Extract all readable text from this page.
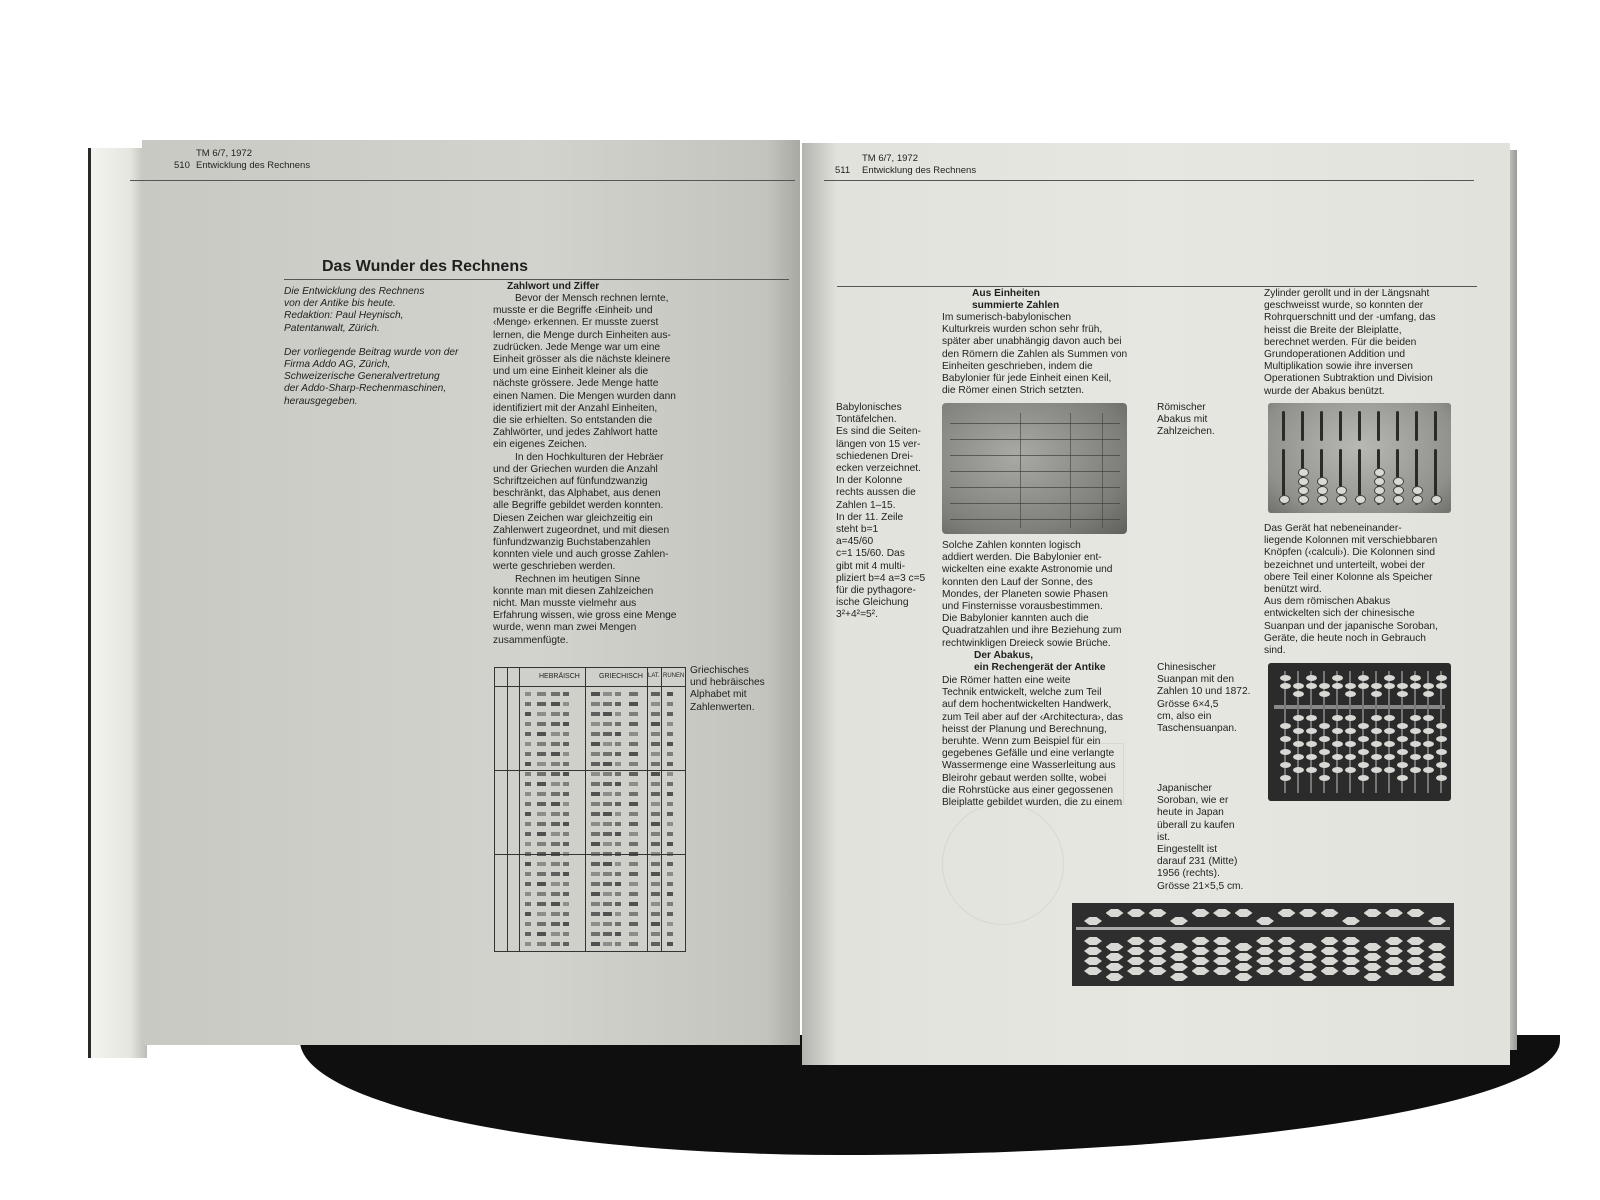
TM 6/7, 1972
510 Entwicklung des Rechnens
Das Wunder des Rechnens
Die Entwicklung des Rechnens
von der Antike bis heute.
Redaktion: Paul Heynisch,
Patentanwalt, Zürich.
Der vorliegende Beitrag wurde von der
Firma Addo AG, Zürich,
Schweizerische Generalvertretung
der Addo-Sharp-Rechenmaschinen,
herausgegeben.
Zahlwort und Ziffer
Bevor der Mensch rechnen lernte,
musste er die Begriffe ‹Einheit› und
‹Menge› erkennen. Er musste zuerst
lernen, die Menge durch Einheiten aus-
zudrücken. Jede Menge war um eine
Einheit grösser als die nächste kleinere
und um eine Einheit kleiner als die
nächste grössere. Jede Menge hatte
einen Namen. Die Mengen wurden dann
identifiziert mit der Anzahl Einheiten,
die sie erhielten. So entstanden die
Zahlwörter, und jedes Zahlwort hatte
ein eigenes Zeichen.
In den Hochkulturen der Hebräer
und der Griechen wurden die Anzahl
Schriftzeichen auf fünfundzwanzig
beschränkt, das Alphabet, aus denen
alle Begriffe gebildet werden konnten.
Diesen Zeichen war gleichzeitig ein
Zahlenwert zugeordnet, und mit diesen
fünfundzwanzig Buchstabenzahlen
konnten viele und auch grosse Zahlen-
werte geschrieben werden.
Rechnen im heutigen Sinne
konnte man mit diesen Zahlzeichen
nicht. Man musste vielmehr aus
Erfahrung wissen, wie gross eine Menge
wurde, wenn man zwei Mengen
zusammenfügte.
HEBRÄISCH	GRIECHISCH LAT. RUNEN Griechisches
und hebräisches
Alphabet mit
Zahlenwerten.
TM 6/7, 1972
511 Entwicklung des Rechnens
Aus Einheiten
summierte Zahlen
Im sumerisch-babylonischen
Kulturkreis wurden schon sehr früh,
später aber unabhängig davon auch bei
den Römern die Zahlen als Summen von
Einheiten geschrieben, indem die
Babylonier für jede Einheit einen Keil,
die Römer einen Strich setzten.
Babylonisches
Tontäfelchen.
Es sind die Seiten-
längen von 15 ver-
schiedenen Drei-
ecken verzeichnet.
In der Kolonne
rechts aussen die
Zahlen 1–15.
In der 11. Zeile
steht b=1
a=45/60
c=1 15/60. Das
gibt mit 4 multi-
pliziert b=4 a=3 c=5
für die pythagore-
ische Gleichung
3²+4²=5².
Solche Zahlen konnten logisch
addiert werden. Die Babylonier ent-
wickelten eine exakte Astronomie und
konnten den Lauf der Sonne, des
Mondes, der Planeten sowie Phasen
und Finsternisse vorausbestimmen.
Die Babylonier kannten auch die
Quadratzahlen und ihre Beziehung zum
rechtwinkligen Dreieck sowie Brüche.
Der Abakus,
ein Rechengerät der Antike
Die Römer hatten eine weite
Technik entwickelt, welche zum Teil
auf dem hochentwickelten Handwerk,
zum Teil aber auf der ‹Architectura›, das
heisst der Planung und Berechnung,
beruhte. Wenn zum Beispiel für ein
gegebenes Gefälle und eine verlangte
Wassermenge eine Wasserleitung aus
Bleirohr gebaut werden sollte, wobei
die Rohrstücke aus einer gegossenen
Bleiplatte gebildet wurden, die zu einem
Zylinder gerollt und in der Längsnaht
geschweisst wurde, so konnten der
Rohrquerschnitt und der -umfang, das
heisst die Breite der Bleiplatte,
berechnet werden. Für die beiden
Grundoperationen Addition und
Multiplikation sowie ihre inversen
Operationen Subtraktion und Division
wurde der Abakus benützt.
Römischer
Abakus mit
Zahlzeichen.
Das Gerät hat nebeneinander-
liegende Kolonnen mit verschiebbaren
Knöpfen (‹calculi›). Die Kolonnen sind
bezeichnet und unterteilt, wobei der
obere Teil einer Kolonne als Speicher
benützt wird.
Aus dem römischen Abakus
entwickelten sich der chinesische
Suanpan und der japanische Soroban,
Geräte, die heute noch in Gebrauch
sind.
Chinesischer
Suanpan mit den
Zahlen 10 und 1872.
Grösse 6×4,5
cm, also ein
Taschensuanpan.
Japanischer
Soroban, wie er
heute in Japan
überall zu kaufen
ist.
Eingestellt ist
darauf 231 (Mitte)
1956 (rechts).
Grösse 21×5,5 cm.
